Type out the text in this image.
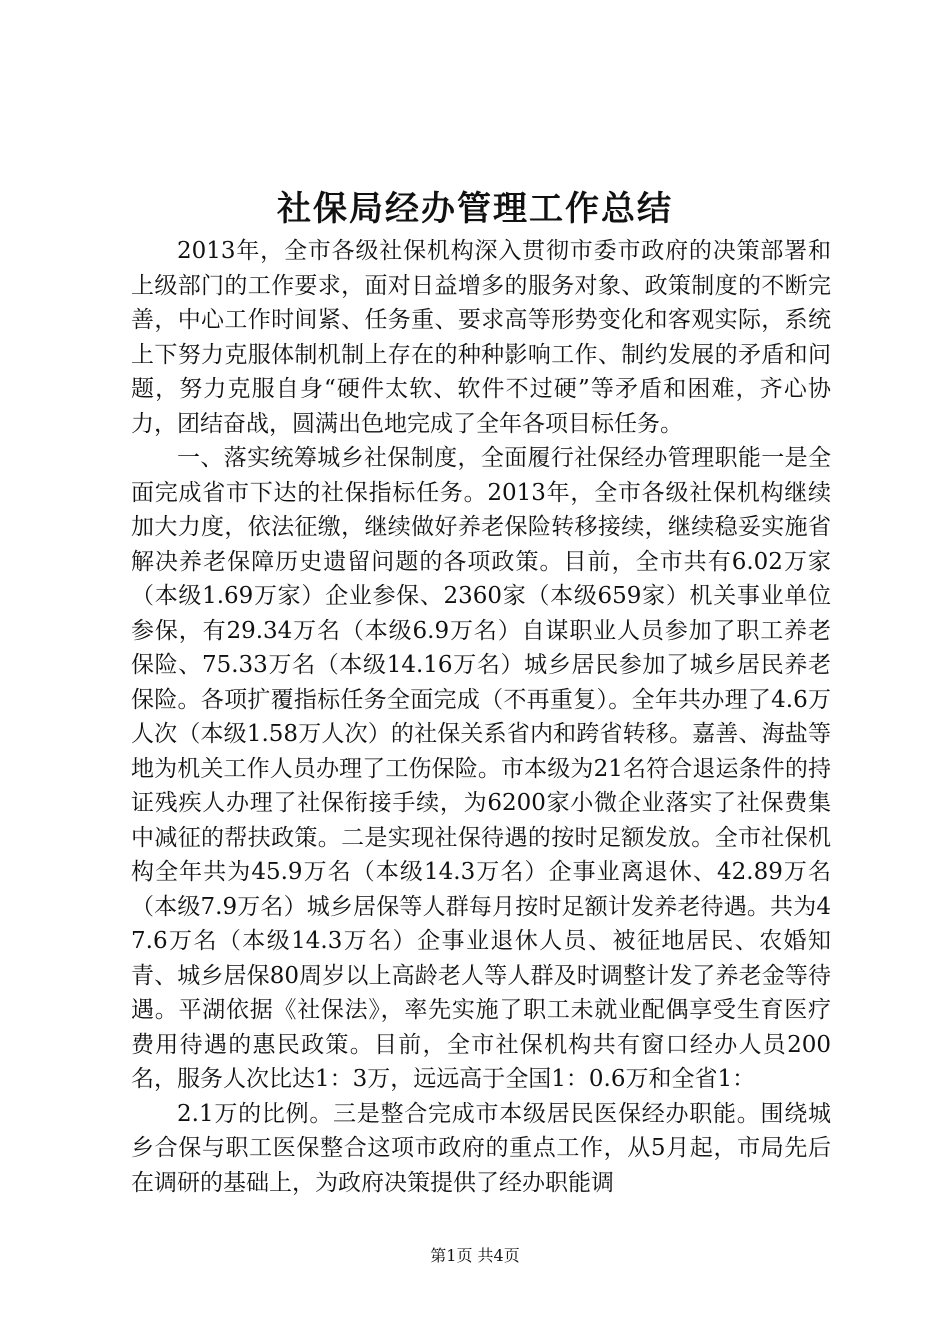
社保局经办管理工作总结

2013年，全市各级社保机构深入贯彻市委市政府的决策部署和上级部门的工作要求，面对日益增多的服务对象、政策制度的不断完善，中心工作时间紧、任务重、要求高等形势变化和客观实际，系统上下努力克服体制机制上存在的种种影响工作、制约发展的矛盾和问题，努力克服自身“硬件太软、软件不过硬”等矛盾和困难，齐心协力，团结奋战，圆满出色地完成了全年各项目标任务。

一、落实统筹城乡社保制度，全面履行社保经办管理职能一是全面完成省市下达的社保指标任务。2013年，全市各级社保机构继续加大力度，依法征缴，继续做好养老保险转移接续，继续稳妥实施省解决养老保障历史遗留问题的各项政策。目前，全市共有6.02万家（本级1.69万家）企业参保、2360家（本级659家）机关事业单位参保，有29.34万名（本级6.9万名）自谋职业人员参加了职工养老保险、75.33万名（本级14.16万名）城乡居民参加了城乡居民养老保险。各项扩覆指标任务全面完成（不再重复）。全年共办理了4.6万人次（本级1.58万人次）的社保关系省内和跨省转移。嘉善、海盐等地为机关工作人员办理了工伤保险。市本级为21名符合退运条件的持证残疾人办理了社保衔接手续，为6200家小微企业落实了社保费集中减征的帮扶政策。二是实现社保待遇的按时足额发放。全市社保机构全年共为45.9万名（本级14.3万名）企事业离退休、42.89万名（本级7.9万名）城乡居保等人群每月按时足额计发养老待遇。共为47.6万名（本级14.3万名）企事业退休人员、被征地居民、农婚知青、城乡居保80周岁以上高龄老人等人群及时调整计发了养老金等待遇。平湖依据《社保法》，率先实施了职工未就业配偶享受生育医疗费用待遇的惠民政策。目前，全市社保机构共有窗口经办人员200名，服务人次比达1：3万，远远高于全国1：0.6万和全省1：

2.1万的比例。三是整合完成市本级居民医保经办职能。围绕城乡合保与职工医保整合这项市政府的重点工作，从5月起，市局先后在调研的基础上，为政府决策提供了经办职能调

第1页 共4页
